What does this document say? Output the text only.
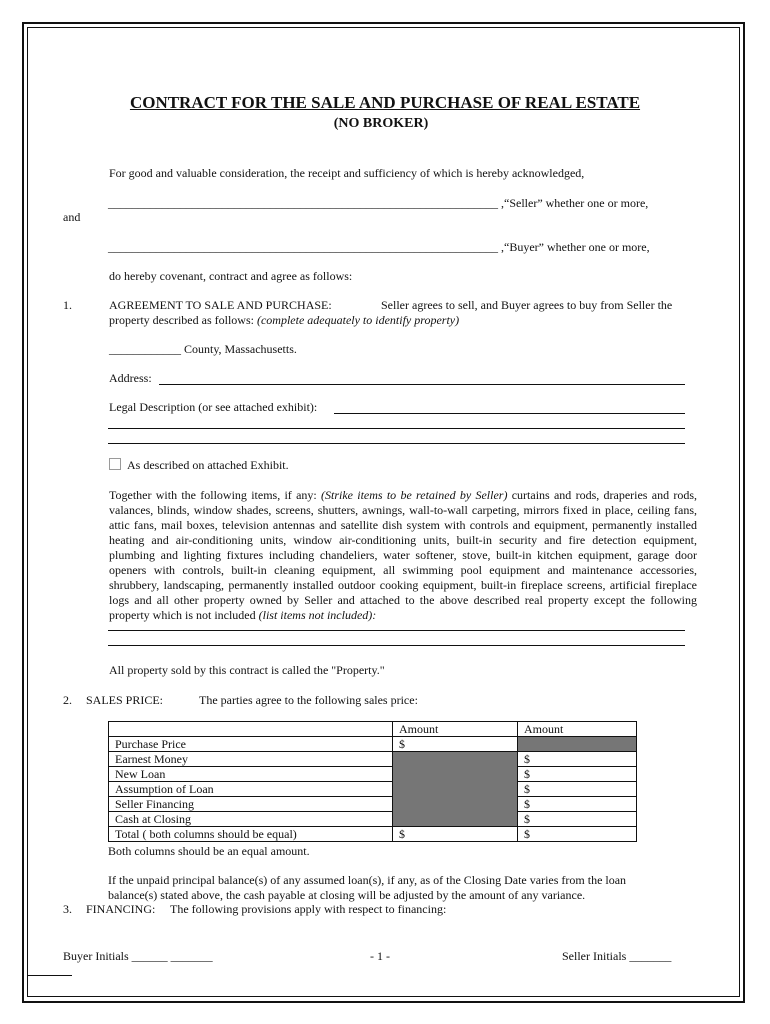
CONTRACT FOR THE SALE AND PURCHASE OF REAL ESTATE
(NO BROKER)
For good and valuable consideration, the receipt and sufficiency of which is hereby acknowledged,
_________________________________________________________________ ,“Seller” whether one or more,
and
_________________________________________________________________ ,“Buyer” whether one or more,
do hereby covenant, contract and agree as follows:
1.	AGREEMENT TO SALE AND PURCHASE:	Seller agrees to sell, and Buyer agrees to buy from Seller the
property described as follows: (complete adequately to identify property)
____________ County, Massachusetts.
Address:
Legal Description (or see attached exhibit):
As described on attached Exhibit.
Together with the following items, if any: (Strike items to be retained by Seller) curtains and rods, draperies and rods, valances, blinds, window shades, screens, shutters, awnings, wall-to-wall carpeting, mirrors fixed in place, ceiling fans, attic fans, mail boxes, television antennas and satellite dish system with controls and equipment, permanently installed heating and air-conditioning units, window air-conditioning units, built-in security and fire detection equipment, plumbing and lighting fixtures including chandeliers, water softener, stove, built-in kitchen equipment, garage door openers with controls, built-in cleaning equipment, all swimming pool equipment and maintenance accessories, shrubbery, landscaping, permanently installed outdoor cooking equipment, built-in fireplace screens, artificial fireplace logs and all other property owned by Seller and attached to the above described real property except the following property which is not included (list items not included):
All property sold by this contract is called the "Property."
2. SALES PRICE:	The parties agree to the following sales price:
	Amount	Amount
Purchase Price	$	
Earnest Money		$
New Loan		$
Assumption of Loan		$
Seller Financing		$
Cash at Closing		$
Total ( both columns should be equal)	$	$
Both columns should be an equal amount.
If the unpaid principal balance(s) of any assumed loan(s), if any, as of the Closing Date varies from the loan
balance(s) stated above, the cash payable at closing will be adjusted by the amount of any variance.
3. FINANCING: The following provisions apply with respect to financing:
Buyer Initials ______ _______	- 1 -	Seller Initials _______
